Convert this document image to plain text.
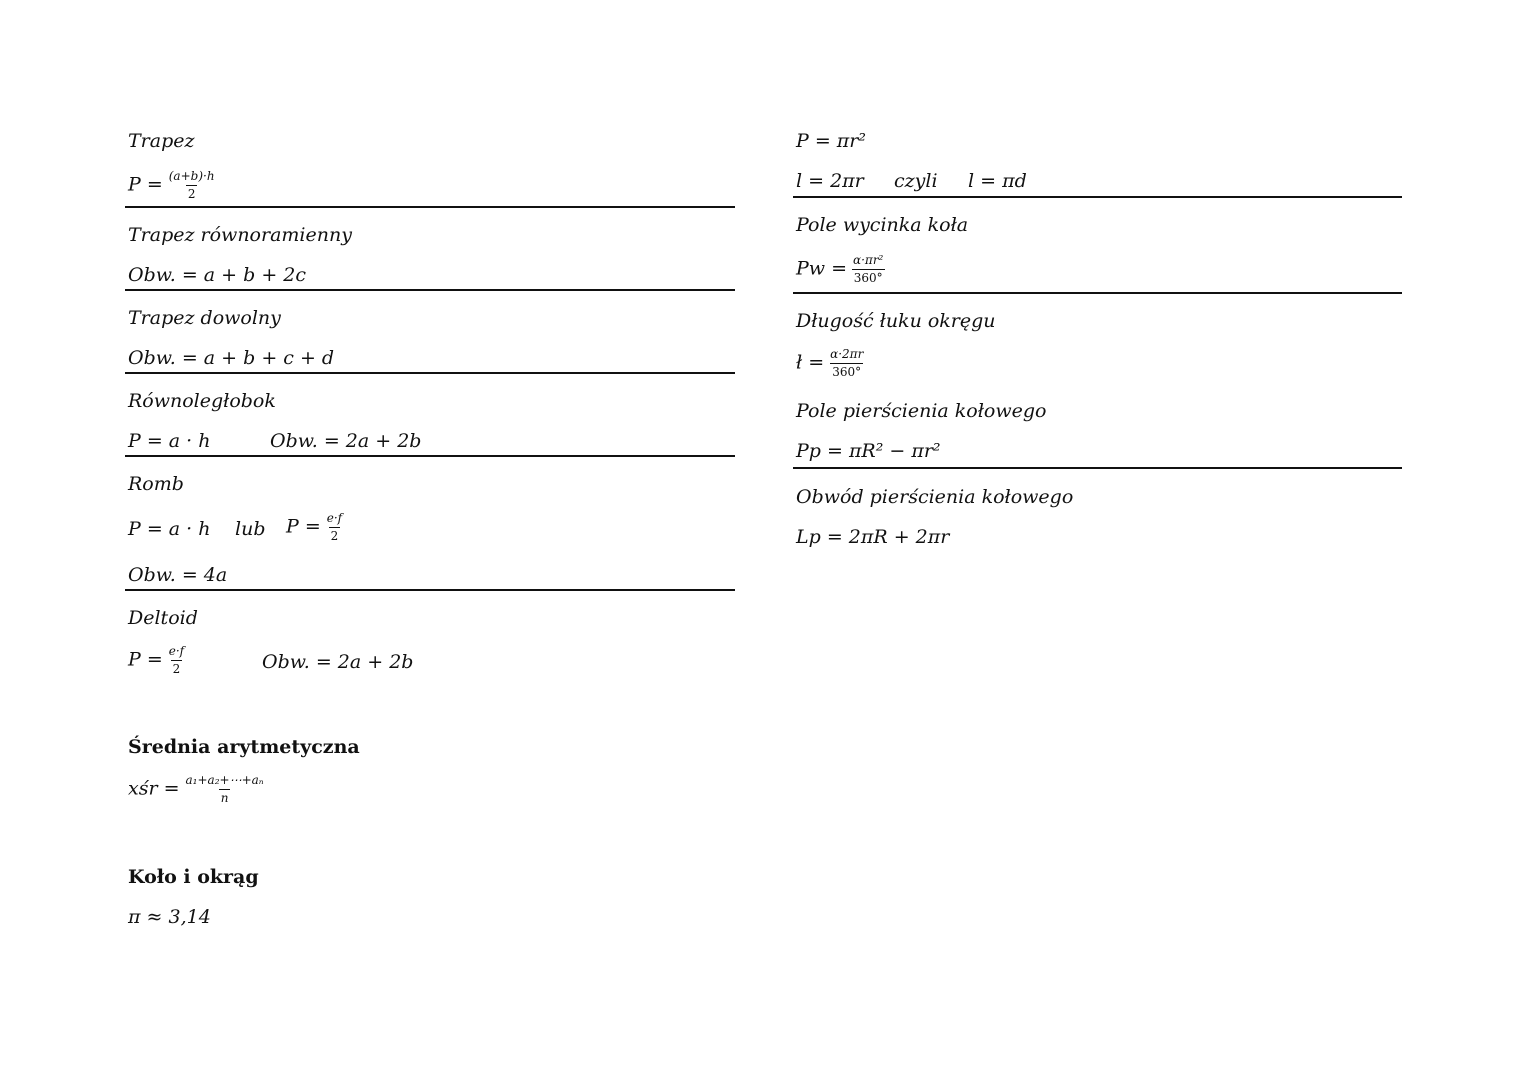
Trapez
$P = \frac{(a+b)\cdot h}{2}$
Trapez równoramienny
Obw. = a + b + 2c
Trapez dowolny
Obw. = a + b + c + d
Równoległobok
P = a · h	Obw. = 2a + 2b
Romb
P = a · h lub $P = \frac{e\cdot f}{2}$
Obw. = 4a
Deltoid
$P = \frac{e\cdot f}{2}$	Obw. = 2a + 2b
Średnia arytmetyczna
xśr = $\frac{\text{a₁+a₂+⋯+aₙ}}{n}$
Koło i okrąg
π ≈ 3,14
P = πr²
l = 2πr czyli l = πd
Pole wycinka koła
$Pw = \frac{\text{α·πr²}}{360^\circ}$
Długość łuku okręgu
ł = $\frac{\alpha\cdot 2\pi r}{360^\circ}$
Pole pierścienia kołowego
Pp = πR² − πr²
Obwód pierścienia kołowego
Lp = 2πR + 2πr
